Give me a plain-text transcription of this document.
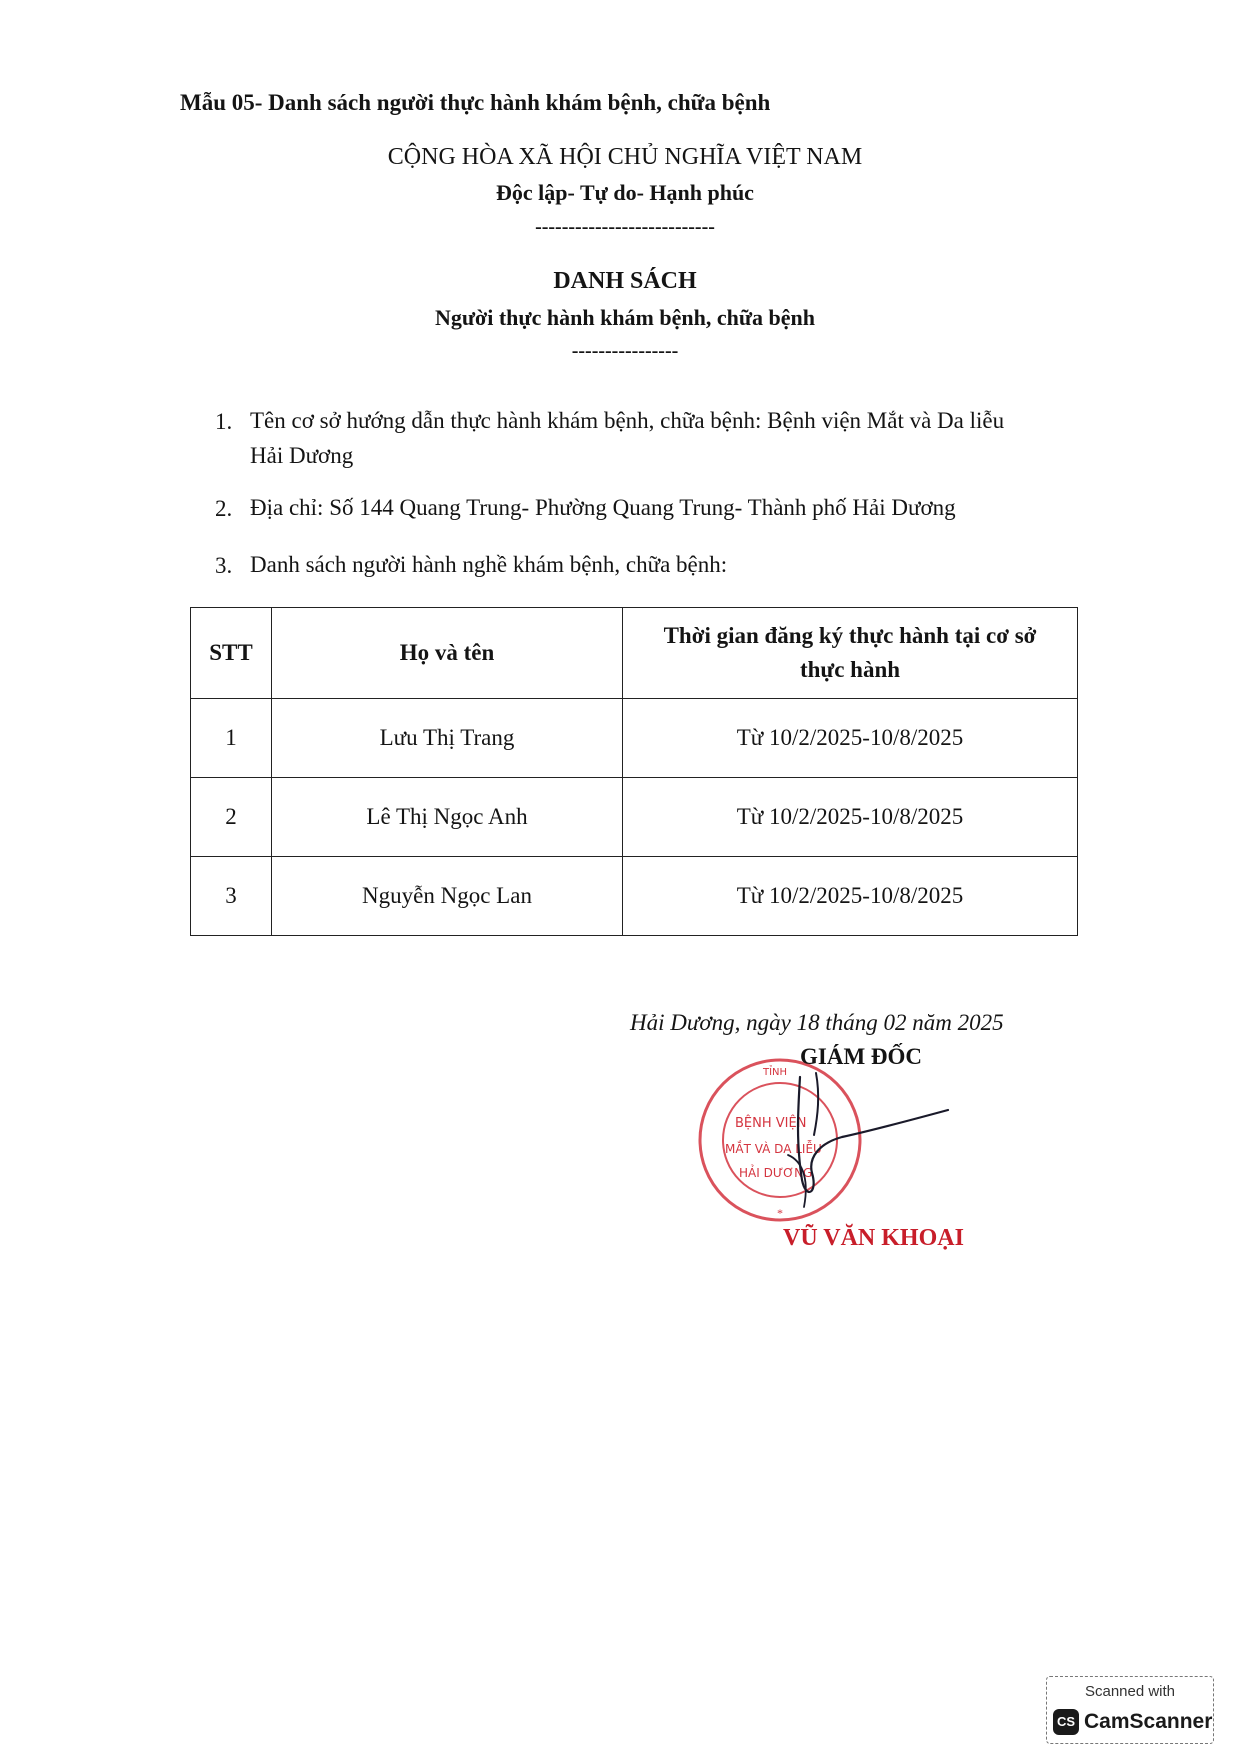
Mẫu 05- Danh sách người thực hành khám bệnh, chữa bệnh
CỘNG HÒA XÃ HỘI CHỦ NGHĨA VIỆT NAM
Độc lập- Tự do- Hạnh phúc
---------------------------
DANH SÁCH
Người thực hành khám bệnh, chữa bệnh
----------------
1. Tên cơ sở hướng dẫn thực hành khám bệnh, chữa bệnh: Bệnh viện Mắt và Da liễu
Hải Dương
2. Địa chỉ: Số 144 Quang Trung- Phường Quang Trung- Thành phố Hải Dương
3. Danh sách người hành nghề khám bệnh, chữa bệnh:
STT	Họ và tên	Thời gian đăng ký thực hành tại cơ sở
thực hành

1	Lưu Thị Trang	Từ 10/2/2025-10/8/2025
2	Lê Thị Ngọc Anh	Từ 10/2/2025-10/8/2025
3	Nguyễn Ngọc Lan	Từ 10/2/2025-10/8/2025
Hải Dương, ngày 18 tháng 02 năm 2025
BỆNH VIỆN
MẮT VÀ DA LIỄU
HẢI DƯƠNG
TỈNH
*
GIÁM ĐỐC
VŨ VĂN KHOẠI
Scanned with
CS CamScanner
